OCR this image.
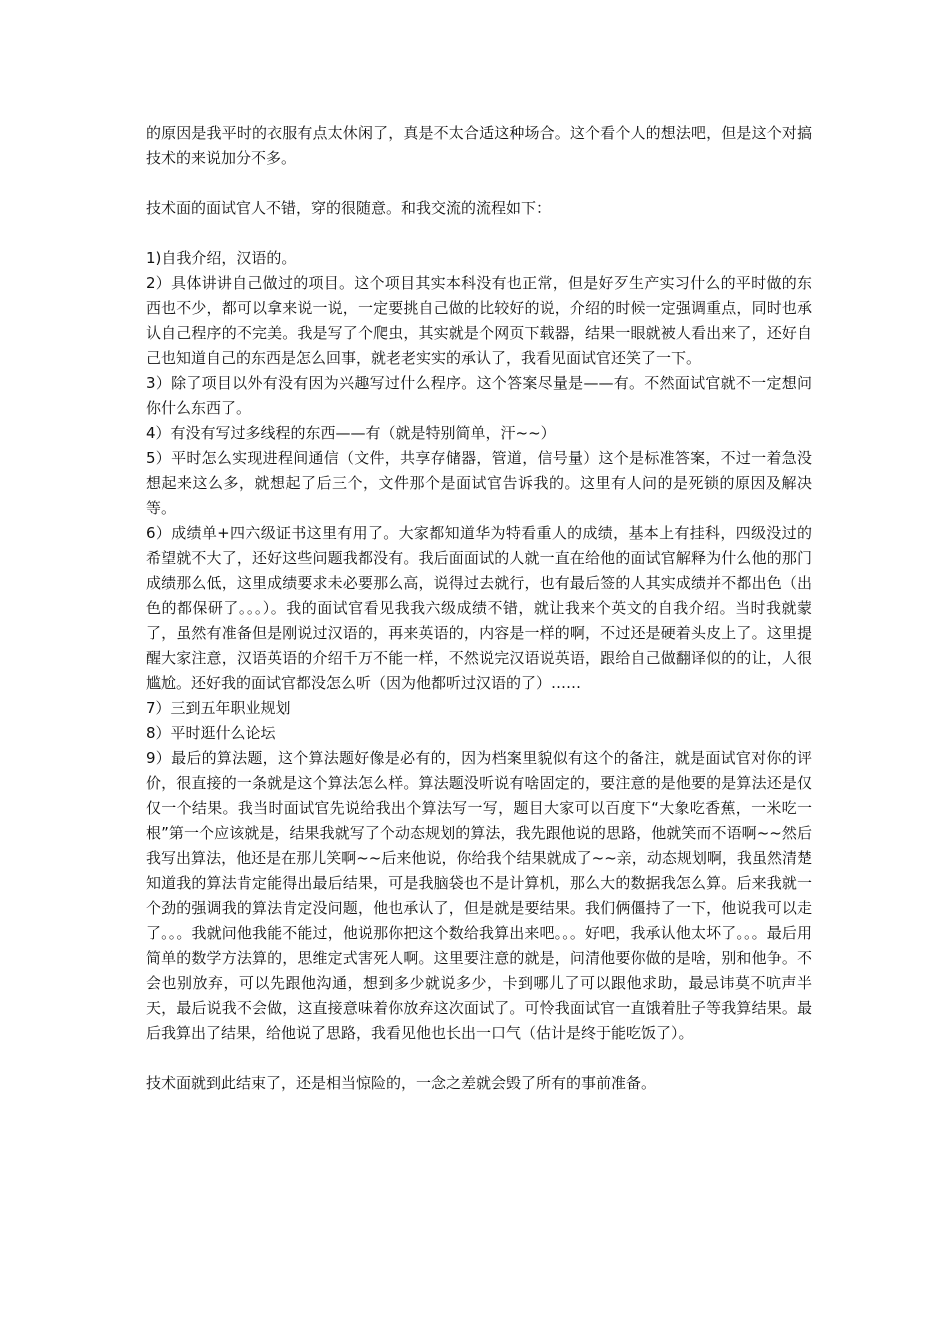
的原因是我平时的衣服有点太休闲了，真是不太合适这种场合。这个看个人的想法吧，但是这个对搞技术的来说加分不多。

技术面的面试官人不错，穿的很随意。和我交流的流程如下：

1)自我介绍，汉语的。

2）具体讲讲自己做过的项目。这个项目其实本科没有也正常，但是好歹生产实习什么的平时做的东西也不少，都可以拿来说一说，一定要挑自己做的比较好的说，介绍的时候一定强调重点，同时也承认自己程序的不完美。我是写了个爬虫，其实就是个网页下载器，结果一眼就被人看出来了，还好自己也知道自己的东西是怎么回事，就老老实实的承认了，我看见面试官还笑了一下。

3）除了项目以外有没有因为兴趣写过什么程序。这个答案尽量是——有。不然面试官就不一定想问你什么东西了。

4）有没有写过多线程的东西——有（就是特别简单，汗~~）

5）平时怎么实现进程间通信（文件，共享存储器，管道，信号量）这个是标准答案，不过一着急没想起来这么多，就想起了后三个，文件那个是面试官告诉我的。这里有人问的是死锁的原因及解决等。

6）成绩单+四六级证书这里有用了。大家都知道华为特看重人的成绩，基本上有挂科，四级没过的希望就不大了，还好这些问题我都没有。我后面面试的人就一直在给他的面试官解释为什么他的那门成绩那么低，这里成绩要求未必要那么高，说得过去就行，也有最后签的人其实成绩并不都出色（出色的都保研了。。。）。我的面试官看见我我六级成绩不错，就让我来个英文的自我介绍。当时我就蒙了，虽然有准备但是刚说过汉语的，再来英语的，内容是一样的啊，不过还是硬着头皮上了。这里提醒大家注意，汉语英语的介绍千万不能一样，不然说完汉语说英语，跟给自己做翻译似的的让，人很尴尬。还好我的面试官都没怎么听（因为他都听过汉语的了）……

7）三到五年职业规划

8）平时逛什么论坛

9）最后的算法题，这个算法题好像是必有的，因为档案里貌似有这个的备注，就是面试官对你的评价，很直接的一条就是这个算法怎么样。算法题没听说有啥固定的，要注意的是他要的是算法还是仅仅一个结果。我当时面试官先说给我出个算法写一写，题目大家可以百度下“大象吃香蕉，一米吃一根”第一个应该就是，结果我就写了个动态规划的算法，我先跟他说的思路，他就笑而不语啊~~然后我写出算法，他还是在那儿笑啊~~后来他说，你给我个结果就成了~~亲，动态规划啊，我虽然清楚知道我的算法肯定能得出最后结果，可是我脑袋也不是计算机，那么大的数据我怎么算。后来我就一个劲的强调我的算法肯定没问题，他也承认了，但是就是要结果。我们俩僵持了一下，他说我可以走了。。。我就问他我能不能过，他说那你把这个数给我算出来吧。。。好吧，我承认他太坏了。。。最后用简单的数学方法算的，思维定式害死人啊。这里要注意的就是，问清他要你做的是啥，别和他争。不会也别放弃，可以先跟他沟通，想到多少就说多少，卡到哪儿了可以跟他求助，最忌讳莫不吭声半天，最后说我不会做，这直接意味着你放弃这次面试了。可怜我面试官一直饿着肚子等我算结果。最后我算出了结果，给他说了思路，我看见他也长出一口气（估计是终于能吃饭了）。

技术面就到此结束了，还是相当惊险的，一念之差就会毁了所有的事前准备。
